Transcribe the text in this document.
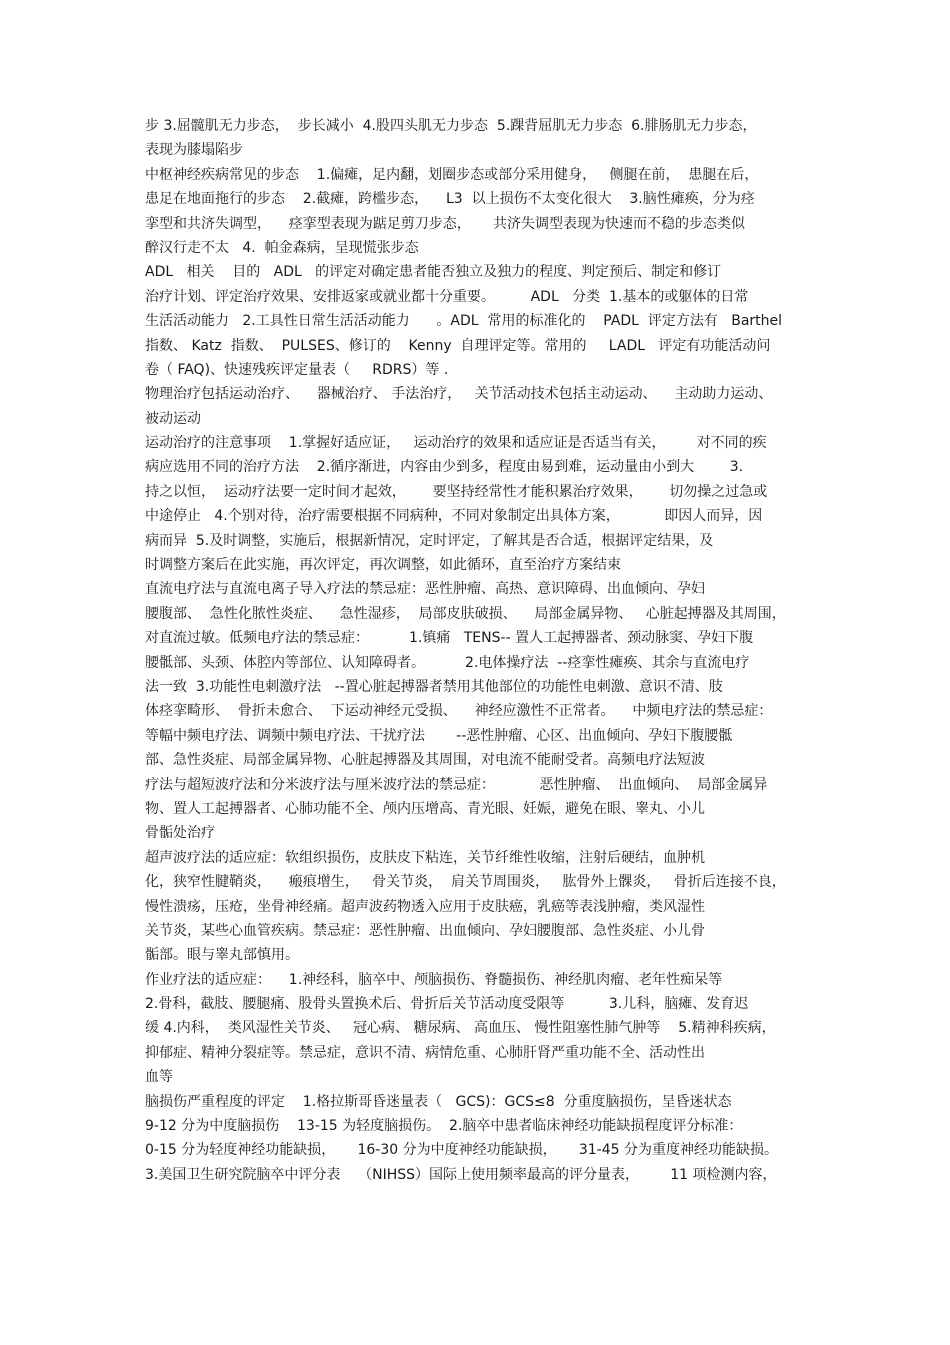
步 3.屈髋肌无力步态，  步长减小  4.股四头肌无力步态  5.踝背屈肌无力步态  6.腓肠肌无力步态，
表现为膝塌陷步
中枢神经疾病常见的步态    1.偏瘫，足内翻，划圈步态或部分采用健身，   侧腿在前，  患腿在后，
患足在地面拖行的步态    2.截瘫，跨槛步态，    L3  以上损伤不太变化很大    3.脑性瘫痪，分为痉
挛型和共济失调型，    痉挛型表现为踮足剪刀步态，     共济失调型表现为快速而不稳的步态类似
醉汉行走不太   4.  帕金森病，呈现慌张步态
ADL   相关    目的   ADL   的评定对确定患者能否独立及独力的程度、判定预后、制定和修订
治疗计划、评定治疗效果、安排返家或就业都十分重要。        ADL   分类  1.基本的或躯体的日常
生活活动能力   2.工具性日常生活活动能力      。ADL  常用的标准化的    PADL  评定方法有   Barthel
指数、 Katz  指数、  PULSES、修订的    Kenny  自理评定等。常用的     LADL   评定有功能活动问
卷（ FAQ)、快速残疾评定量表（     RDRS）等 .
物理治疗包括运动治疗、    器械治疗、 手法治疗，   关节活动技术包括主动运动、    主动助力运动、
被动运动
运动治疗的注意事项    1.掌握好适应证，   运动治疗的效果和适应证是否适当有关，       对不同的疾
病应选用不同的治疗方法    2.循序渐进，内容由少到多，程度由易到难，运动量由小到大        3.
持之以恒，  运动疗法要一定时间才起效，      要坚持经常性才能积累治疗效果，      切勿操之过急或
中途停止   4.个别对待，治疗需要根据不同病种，不同对象制定出具体方案，          即因人而异，因
病而异  5.及时调整，实施后，根据新情况，定时评定，了解其是否合适，根据评定结果，及
时调整方案后在此实施，再次评定，再次调整，如此循环，直至治疗方案结束
直流电疗法与直流电离子导入疗法的禁忌症：恶性肿瘤、高热、意识障碍、出血倾向、孕妇
腰腹部、  急性化脓性炎症、    急性湿疹，  局部皮肤破损、    局部金属异物、   心脏起搏器及其周围，
对直流过敏。低频电疗法的禁忌症：         1.镇痛   TENS-- 置人工起搏器者、颈动脉窦、孕妇下腹
腰骶部、头颈、体腔内等部位、认知障碍者。         2.电体操疗法  --痉挛性瘫痪、其余与直流电疗
法一致  3.功能性电刺激疗法   --置心脏起搏器者禁用其他部位的功能性电刺激、意识不清、肢
体痉挛畸形、  骨折未愈合、  下运动神经元受损、    神经应激性不正常者。    中频电疗法的禁忌症：
等幅中频电疗法、调频中频电疗法、干扰疗法       --恶性肿瘤、心区、出血倾向、孕妇下腹腰骶
部、急性炎症、局部金属异物、心脏起搏器及其周围，对电流不能耐受者。高频电疗法短波
疗法与超短波疗法和分米波疗法与厘米波疗法的禁忌症：          恶性肿瘤、  出血倾向、  局部金属异
物、置人工起搏器者、心肺功能不全、颅内压增高、青光眼、妊娠，避免在眼、睾丸、小儿
骨骺处治疗
超声波疗法的适应症：软组织损伤，皮肤皮下粘连，关节纤维性收缩，注射后硬结，血肿机
化，狭窄性腱鞘炎，    瘢痕增生，   骨关节炎，  肩关节周围炎，   肱骨外上髁炎，   骨折后连接不良，
慢性溃疡，压疮，坐骨神经痛。超声波药物透入应用于皮肤癌，乳癌等表浅肿瘤，类风湿性
关节炎，某些心血管疾病。禁忌症：恶性肿瘤、出血倾向、孕妇腰腹部、急性炎症、小儿骨
骺部。眼与睾丸部慎用。
作业疗法的适应症：    1.神经科，脑卒中、颅脑损伤、脊髓损伤、神经肌肉瘤、老年性痴呆等
2.骨科，截肢、腰腿痛、股骨头置换术后、骨折后关节活动度受限等          3.儿科，脑瘫、发育迟
缓 4.内科，  类风湿性关节炎、   冠心病、 糖尿病、 高血压、 慢性阻塞性肺气肿等    5.精神科疾病，
抑郁症、精神分裂症等。禁忌症，意识不清、病情危重、心肺肝肾严重功能不全、活动性出
血等
脑损伤严重程度的评定    1.格拉斯哥昏迷量表（   GCS)：GCS≤8  分重度脑损伤，呈昏迷状态
9-12 分为中度脑损伤    13-15 为轻度脑损伤。  2.脑卒中患者临床神经功能缺损程度评分标准：
0-15 分为轻度神经功能缺损，     16-30 分为中度神经功能缺损，     31-45 分为重度神经功能缺损。
3.美国卫生研究院脑卒中评分表    （NIHSS）国际上使用频率最高的评分量表，       11 项检测内容，
